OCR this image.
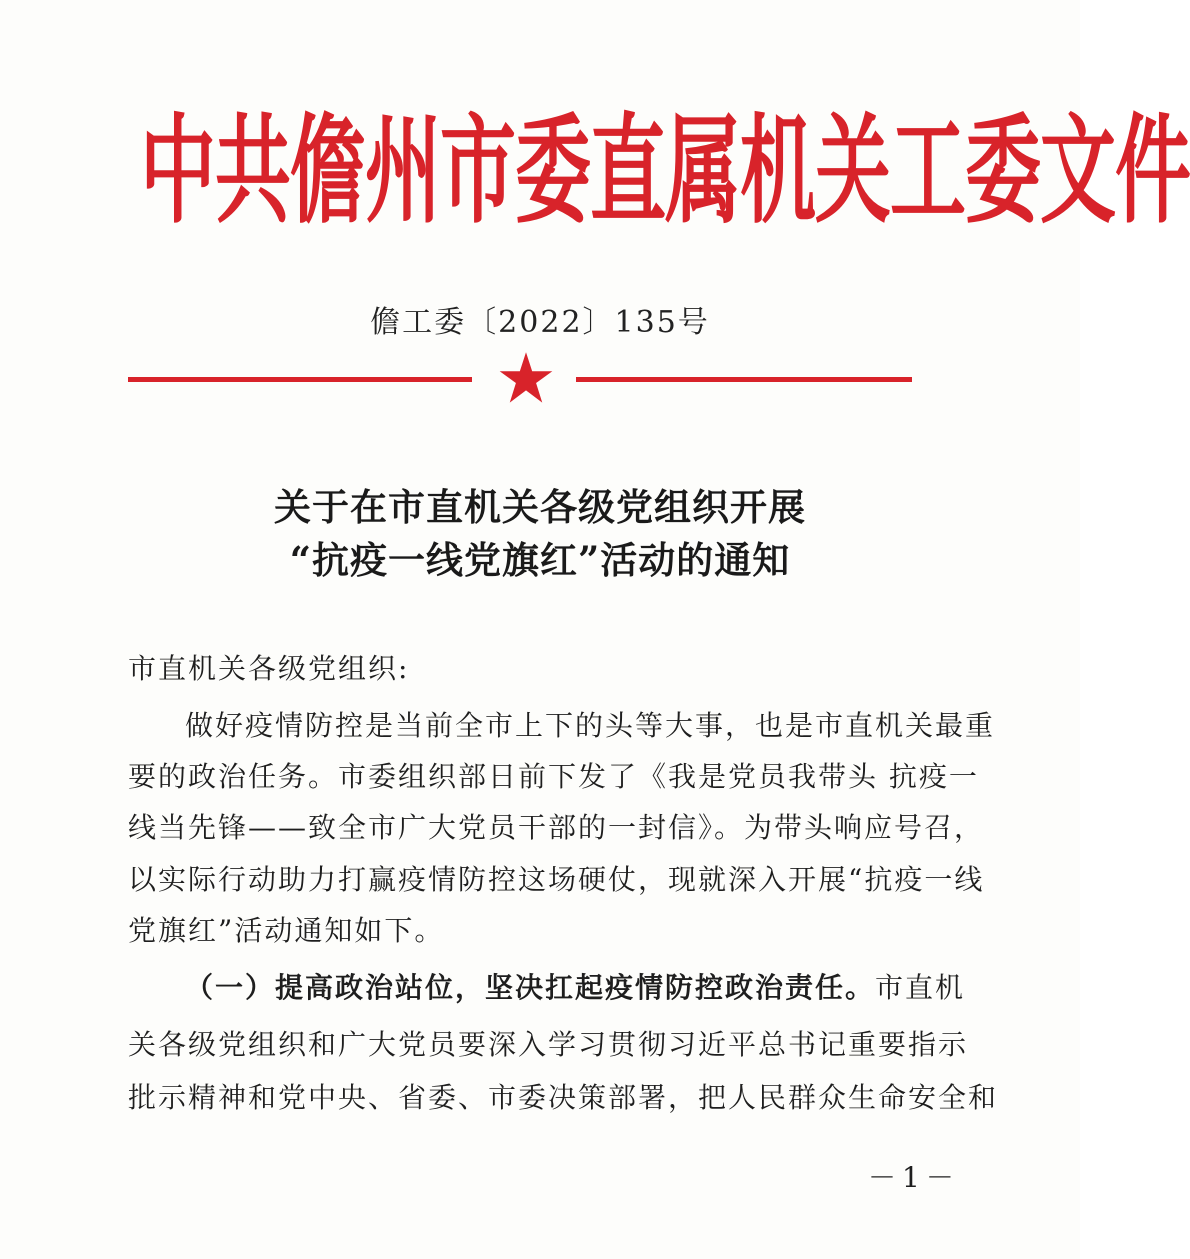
中共儋州市委直属机关工委文件
儋工委〔2022〕135号
关于在市直机关各级党组织开展
“抗疫一线党旗红”活动的通知
市直机关各级党组织:
做好疫情防控是当前全市上下的头等大事，也是市直机关最重
要的政治任务。市委组织部日前下发了《我是党员我带头 抗疫一
线当先锋——致全市广大党员干部的一封信》。为带头响应号召，
以实际行动助力打赢疫情防控这场硬仗，现就深入开展“抗疫一线
党旗红”活动通知如下。
（一）提高政治站位，坚决扛起疫情防控政治责任。市直机
关各级党组织和广大党员要深入学习贯彻习近平总书记重要指示
批示精神和党中央、省委、市委决策部署，把人民群众生命安全和
－1－
